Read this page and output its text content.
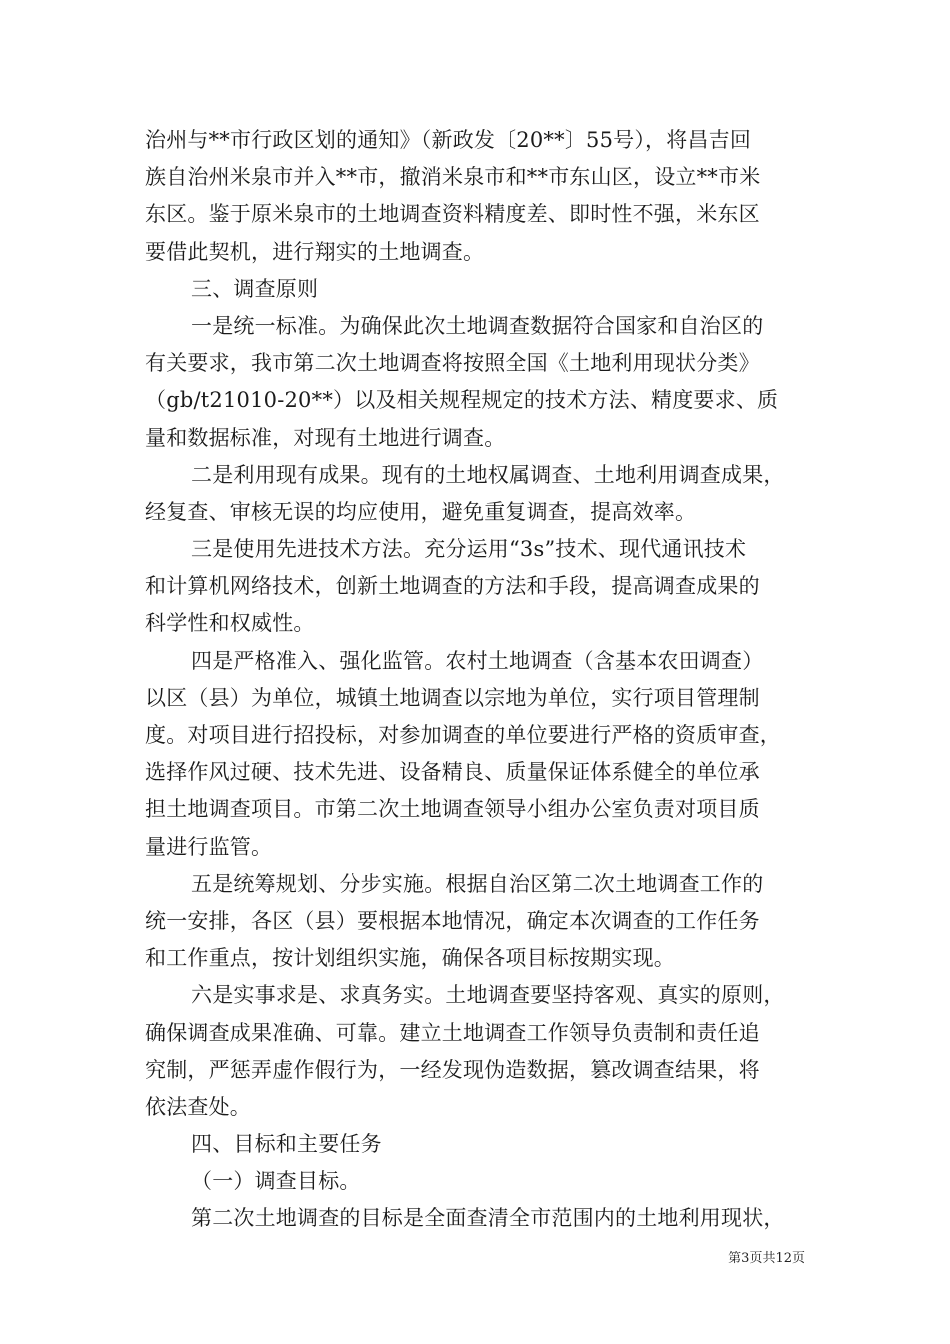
治州与**市行政区划的通知》（新政发〔20**〕55号），将昌吉回
族自治州米泉市并入**市，撤消米泉市和**市东山区，设立**市米
东区。鉴于原米泉市的土地调查资料精度差、即时性不强，米东区
要借此契机，进行翔实的土地调查。
三、调查原则
一是统一标准。为确保此次土地调查数据符合国家和自治区的
有关要求，我市第二次土地调查将按照全国《土地利用现状分类》
（gb/t21010-20**）以及相关规程规定的技术方法、精度要求、质
量和数据标准，对现有土地进行调查。
二是利用现有成果。现有的土地权属调查、土地利用调查成果，
经复查、审核无误的均应使用，避免重复调查，提高效率。
三是使用先进技术方法。充分运用“3s”技术、现代通讯技术
和计算机网络技术，创新土地调查的方法和手段，提高调查成果的
科学性和权威性。
四是严格准入、强化监管。农村土地调查（含基本农田调查）
以区（县）为单位，城镇土地调查以宗地为单位，实行项目管理制
度。对项目进行招投标，对参加调查的单位要进行严格的资质审查，
选择作风过硬、技术先进、设备精良、质量保证体系健全的单位承
担土地调查项目。市第二次土地调查领导小组办公室负责对项目质
量进行监管。
五是统筹规划、分步实施。根据自治区第二次土地调查工作的
统一安排，各区（县）要根据本地情况，确定本次调查的工作任务
和工作重点，按计划组织实施，确保各项目标按期实现。
六是实事求是、求真务实。土地调查要坚持客观、真实的原则，
确保调查成果准确、可靠。建立土地调查工作领导负责制和责任追
究制，严惩弄虚作假行为，一经发现伪造数据，篡改调查结果，将
依法查处。
四、目标和主要任务
（一）调查目标。
第二次土地调查的目标是全面查清全市范围内的土地利用现状，
第3页共12页
